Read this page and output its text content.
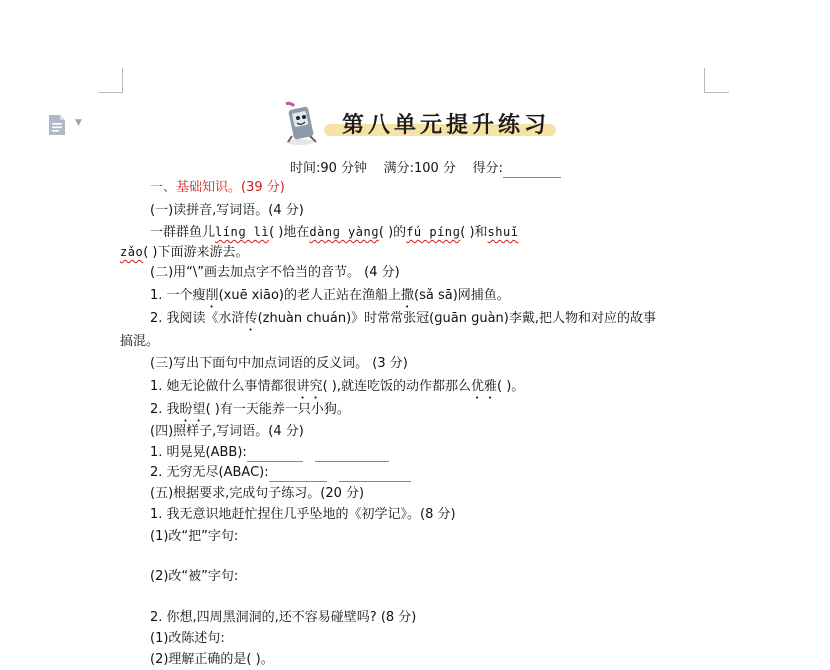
▼	第八单元提升练习
时间:90 分钟 满分:100 分 得分:
一、基础知识。(39 分)
(一)读拼音,写词语。(4 分)
一群群鱼儿línɡ lì( )地在dànɡ yànɡ( )的fú pínɡ( )和shuǐ
zǎo( )下面游来游去。
(二)用“\”画去加点字不恰当的音节。 (4 分)
1. 一个瘦削(xuē xiāo)的老人正站在渔船上撒(sǎ sā)网捕鱼。
2. 我阅读《水浒传(zhuàn chuán)》时常常张冠(ɡuān ɡuàn)李戴,把人物和对应的故事
搞混。
(三)写出下面句中加点词语的反义词。 (3 分)
1. 她无论做什么事情都很讲究( ),就连吃饭的动作都那么优雅( )。
2. 我盼望( )有一天能养一只小狗。
(四)照样子,写词语。(4 分)
1. 明晃晃(ABB):
2. 无穷无尽(ABAC):
(五)根据要求,完成句子练习。(20 分)
1. 我无意识地赶忙捏住几乎坠地的《初学记》。(8 分)
(1)改“把”字句:
(2)改“被”字句:
2. 你想,四周黑洞洞的,还不容易碰壁吗? (8 分)
(1)改陈述句:
(2)理解正确的是( )。
